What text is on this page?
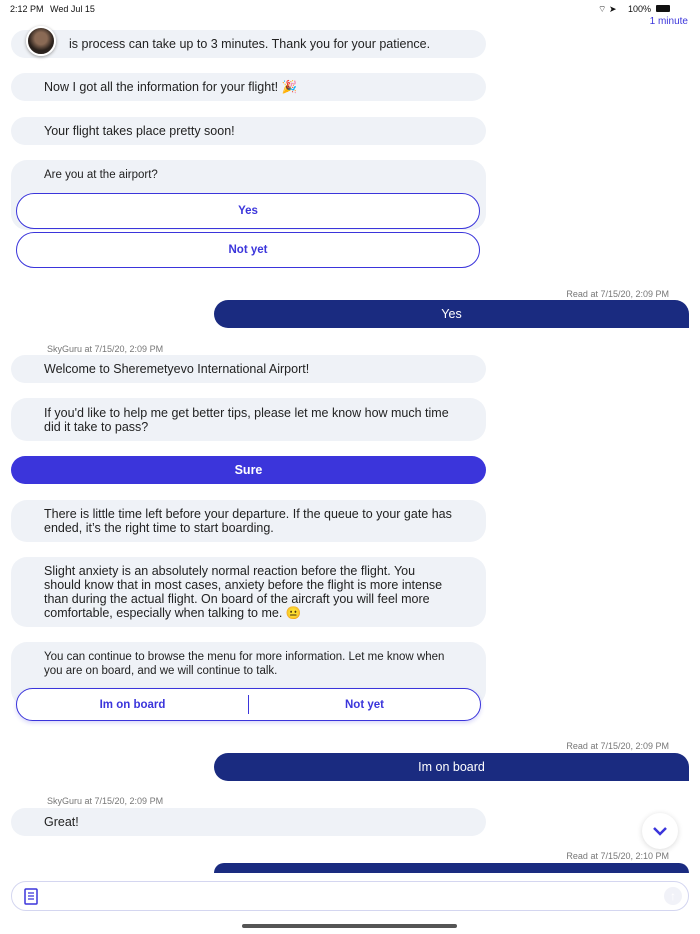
2:12 PM Wed Jul 15	⌔ ➤ 100%
1 minute
is process can take up to 3 minutes. Thank you for your patience.
Now I got all the information for your flight! 🎉
Your flight takes place pretty soon!
Are you at the airport?
Yes
Not yet
Read at 7/15/20, 2:09 PM
Yes
SkyGuru at 7/15/20, 2:09 PM
Welcome to Sheremetyevo International Airport!
If you'd like to help me get better tips, please let me know how much time did it take to pass?
Sure
There is little time left before your departure. If the queue to your gate has ended, it’s the right time to start boarding.
Slight anxiety is an absolutely normal reaction before the flight. You should know that in most cases, anxiety before the flight is more intense than during the actual flight. On board of the aircraft you will feel more comfortable, especially when talking to me. 😐
You can continue to browse the menu for more information. Let me know when you are on board, and we will continue to talk.
Im on board	Not yet
Read at 7/15/20, 2:09 PM
Im on board
SkyGuru at 7/15/20, 2:09 PM
Great!
Read at 7/15/20, 2:10 PM
↑
